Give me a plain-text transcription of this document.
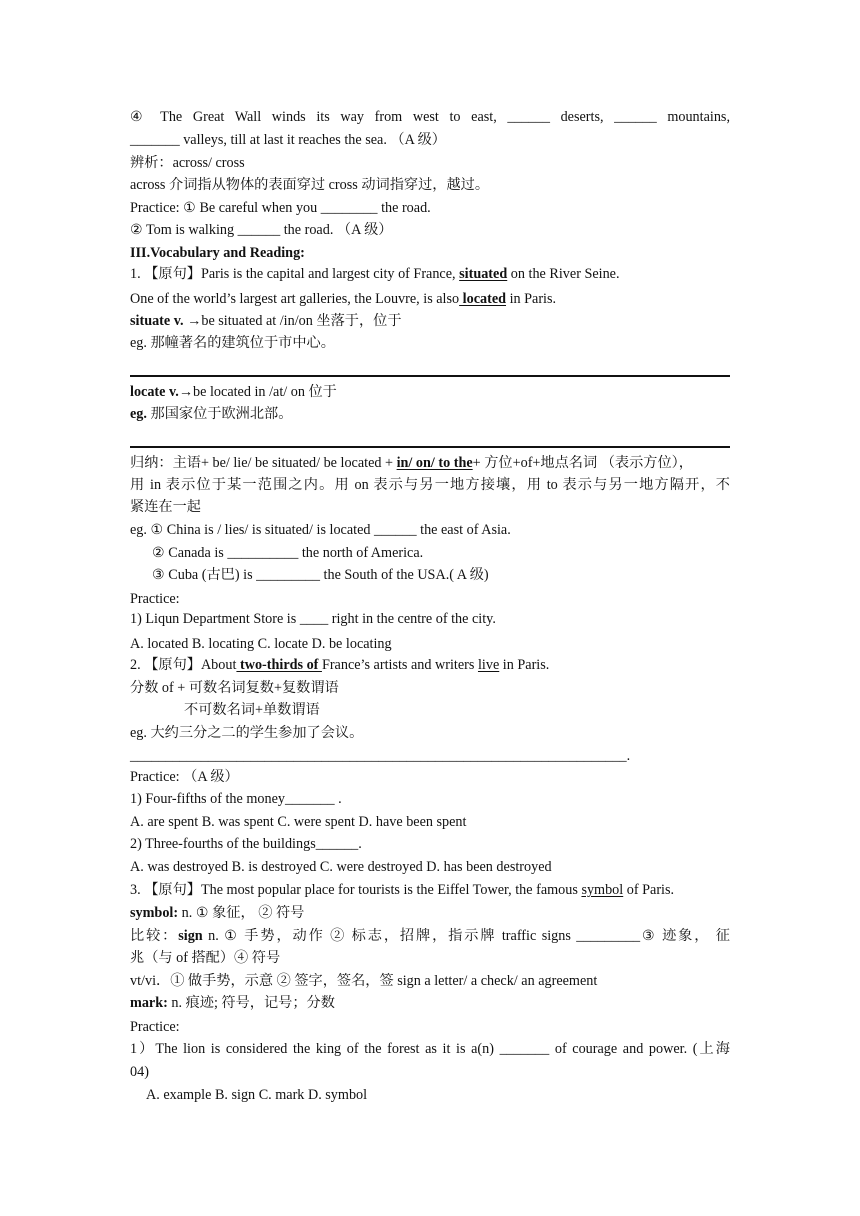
④ The Great Wall winds its way from west to east, ______ deserts, ______ mountains,
_______ valleys, till at last it reaches the sea. （A 级）
辨析：across/ cross
across 介词指从物体的表面穿过 cross 动词指穿过，越过。
Practice: ① Be careful when you ________ the road.
② Tom is walking ______ the road. （A 级）
III.Vocabulary and Reading:
1. 【原句】Paris is the capital and largest city of France, situated on the River Seine.
One of the world’s largest art galleries, the Louvre, is also located in Paris.
situate v. →be situated at /in/on 坐落于，位于
eg. 那幢著名的建筑位于市中心。
locate v.→be located in /at/ on 位于
eg. 那国家位于欧洲北部。
归纳：主语+ be/ lie/ be situated/ be located + in/ on/ to the+ 方位+of+地点名词 （表示方位），
用 in 表示位于某一范围之内。用 on 表示与另一地方接壤，用 to 表示与另一地方隔开，不
紧连在一起
eg. ① China is / lies/ is situated/ is located ______ the east of Asia.
② Canada is __________ the north of America.
③ Cuba (古巴) is _________ the South of the USA.( A 级)
Practice:
1) Liqun Department Store is ____ right in the centre of the city.
A. located B. locating C. locate D. be locating
2. 【原句】About two-thirds of France’s artists and writers live in Paris.
分数 of + 可数名词复数+复数谓语
不可数名词+单数谓语
eg. 大约三分之二的学生参加了会议。
______________________________________________________________________.
Practice: （A 级）
1) Four-fifths of the money_______ .
A. are spent B. was spent C. were spent D. have been spent
2) Three-fourths of the buildings______.
A. was destroyed B. is destroyed C. were destroyed D. has been destroyed
3. 【原句】The most popular place for tourists is the Eiffel Tower, the famous symbol of Paris.
symbol: n. ① 象征， ② 符号
比较：sign n. ① 手势，动作 ② 标志，招牌，指示牌 traffic signs _________③ 迹象， 征
兆（与 of 搭配）④ 符号
vt/vi．① 做手势，示意 ② 签字，签名，签 sign a letter/ a check/ an agreement
mark: n. 痕迹; 符号，记号；分数
Practice:
1）The lion is considered the king of the forest as it is a(n) _______ of courage and power. (上海
04)
A. example B. sign C. mark D. symbol
